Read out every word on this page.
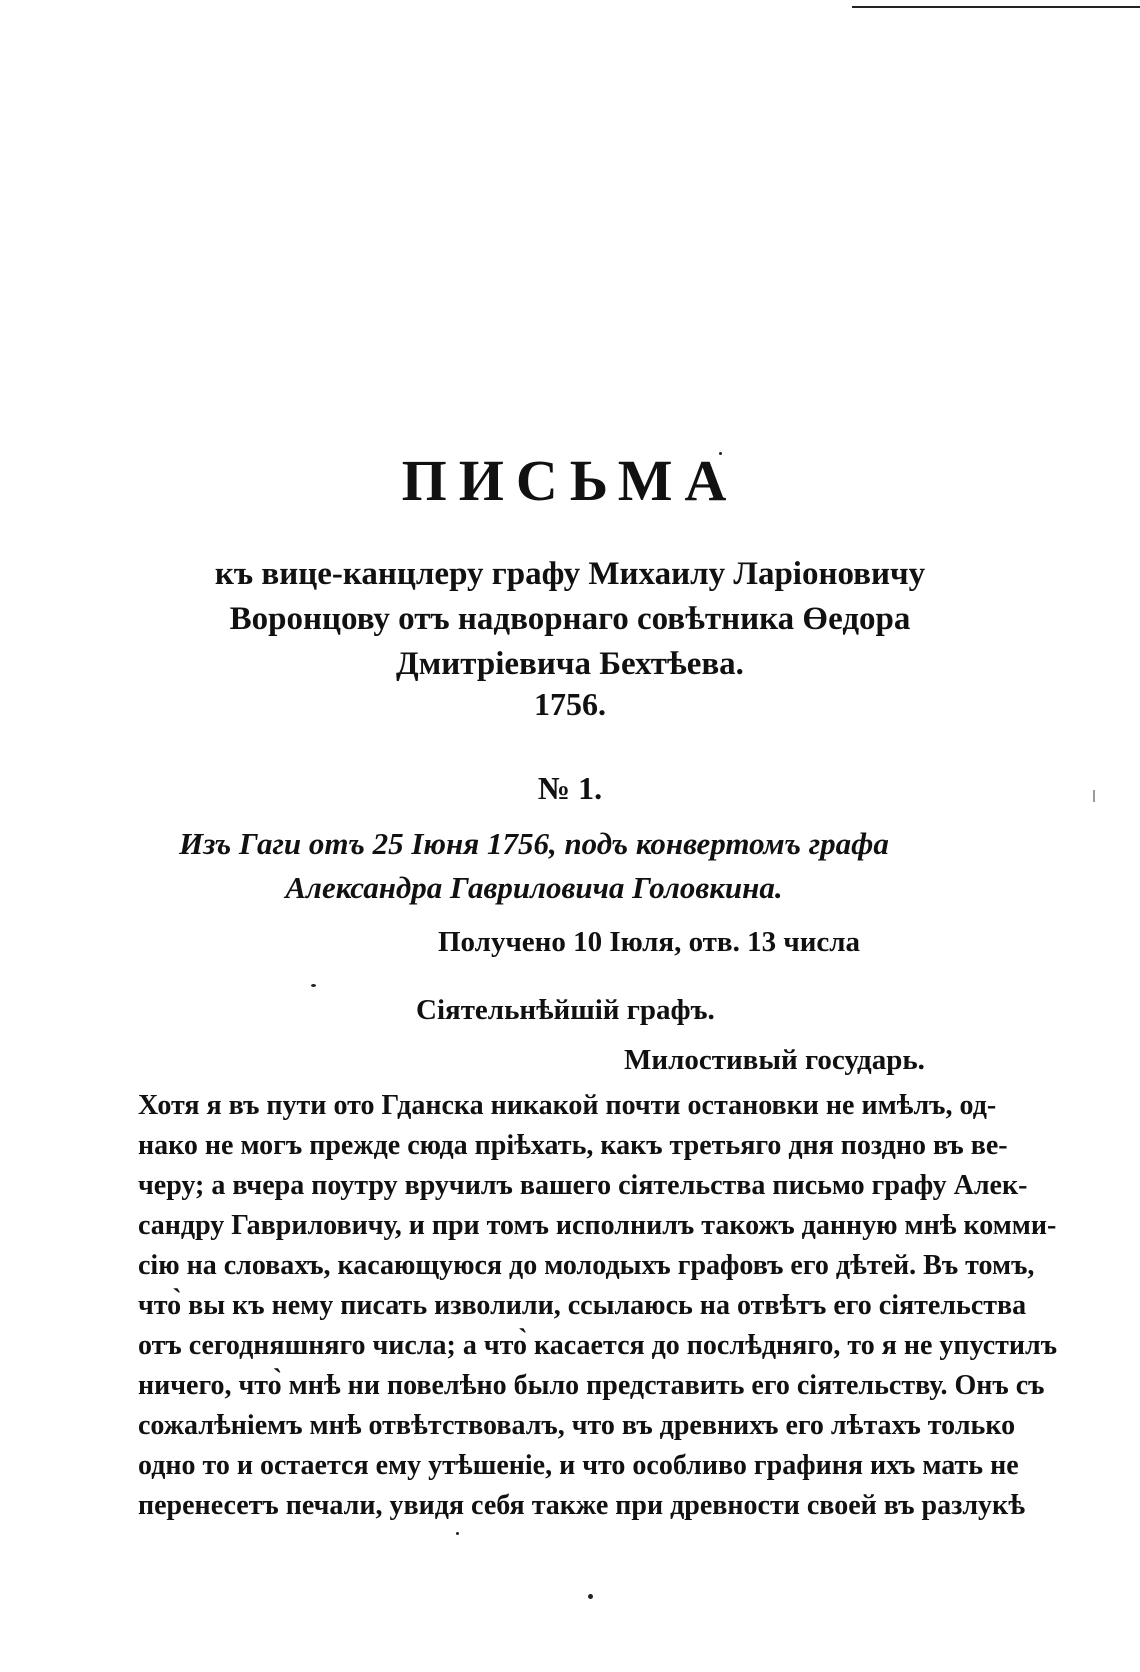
ПИСЬМА

къ вице-канцлеру графу Михаилу Ларіоновичу Воронцову отъ надворнаго совѣтника Өедора Дмитріевича Бехтѣева.

1756.
№ 1.

Изъ Гаги отъ 25 Іюня 1756, подъ конвертомъ графа Александра Гавриловича Головкина.

Получено 10 Іюля, отв. 13 числа
Сіятельнѣйшій графъ.
Милостивый государь.
Хотя я въ пути ото Гданска никакой почти остановки не имѣлъ, од-
нако не могъ прежде сюда пріѣхать, какъ третьяго дня поздно въ ве-
черу; а вчера поутру вручилъ вашего сіятельства письмо графу Алек-
сандру Гавриловичу, и при томъ исполнилъ такожъ данную мнѣ комми-
сію на словахъ, касающуюся до молодыхъ графовъ его дѣтей. Въ томъ,
что̀ вы къ нему писать изволили, ссылаюсь на отвѣтъ его сіятельства
отъ сегодняшняго числа; а что̀ касается до послѣдняго, то я не упустилъ
ничего, что̀ мнѣ ни повелѣно было представить его сіятельству. Онъ съ
сожалѣніемъ мнѣ отвѣтствовалъ, что въ древнихъ его лѣтахъ только
одно то и остается ему утѣшеніе, и что особливо графиня ихъ мать не
перенесетъ печали, увидя себя также при древности своей въ разлукѣ
